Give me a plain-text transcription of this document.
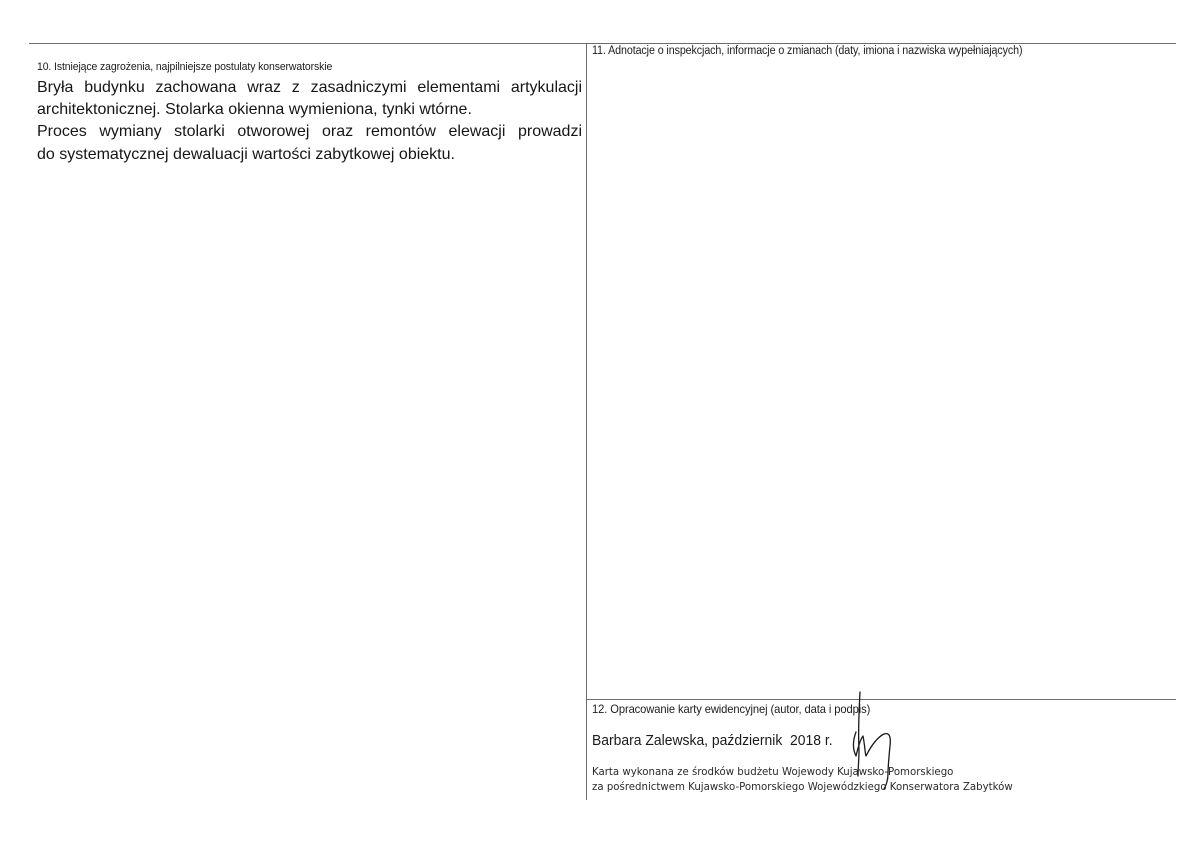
10. Istniejące zagrożenia, najpilniejsze postulaty konserwatorskie
Bryła budynku zachowana wraz z zasadniczymi elementami artykulacji
architektonicznej. Stolarka okienna wymieniona, tynki wtórne.
Proces wymiany stolarki otworowej oraz remontów elewacji prowadzi
do systematycznej dewaluacji wartości zabytkowej obiektu.
11. Adnotacje o inspekcjach, informacje o zmianach (daty, imiona i nazwiska wypełniających)
12. Opracowanie karty ewidencyjnej (autor, data i podpis)
Barbara Zalewska, październik  2018 r.
Karta wykonana ze środków budżetu Wojewody Kujawsko-Pomorskiego
za pośrednictwem Kujawsko-Pomorskiego Wojewódzkiego Konserwatora Zabytków
